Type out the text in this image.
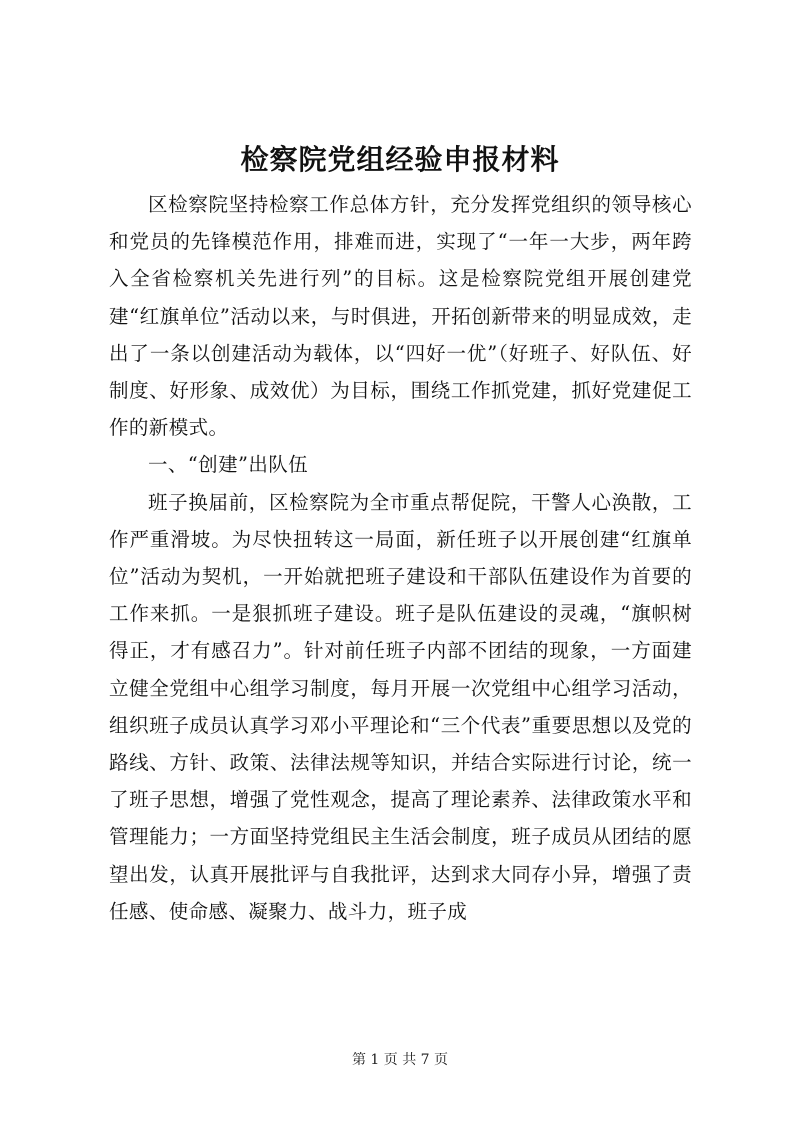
检察院党组经验申报材料

区检察院坚持检察工作总体方针，充分发挥党组织的领导核心和党员的先锋模范作用，排难而进，实现了“一年一大步，两年跨入全省检察机关先进行列”的目标。这是检察院党组开展创建党建“红旗单位”活动以来，与时俱进，开拓创新带来的明显成效，走出了一条以创建活动为载体，以“四好一优”（好班子、好队伍、好制度、好形象、成效优）为目标，围绕工作抓党建，抓好党建促工作的新模式。

一、“创建”出队伍

班子换届前，区检察院为全市重点帮促院，干警人心涣散，工作严重滑坡。为尽快扭转这一局面，新任班子以开展创建“红旗单位”活动为契机，一开始就把班子建设和干部队伍建设作为首要的工作来抓。一是狠抓班子建设。班子是队伍建设的灵魂，“旗帜树得正，才有感召力”。针对前任班子内部不团结的现象，一方面建立健全党组中心组学习制度，每月开展一次党组中心组学习活动，组织班子成员认真学习邓小平理论和“三个代表”重要思想以及党的路线、方针、政策、法律法规等知识，并结合实际进行讨论，统一了班子思想，增强了党性观念，提高了理论素养、法律政策水平和管理能力；一方面坚持党组民主生活会制度，班子成员从团结的愿望出发，认真开展批评与自我批评，达到求大同存小异，增强了责任感、使命感、凝聚力、战斗力，班子成

第 1 页 共 7 页
